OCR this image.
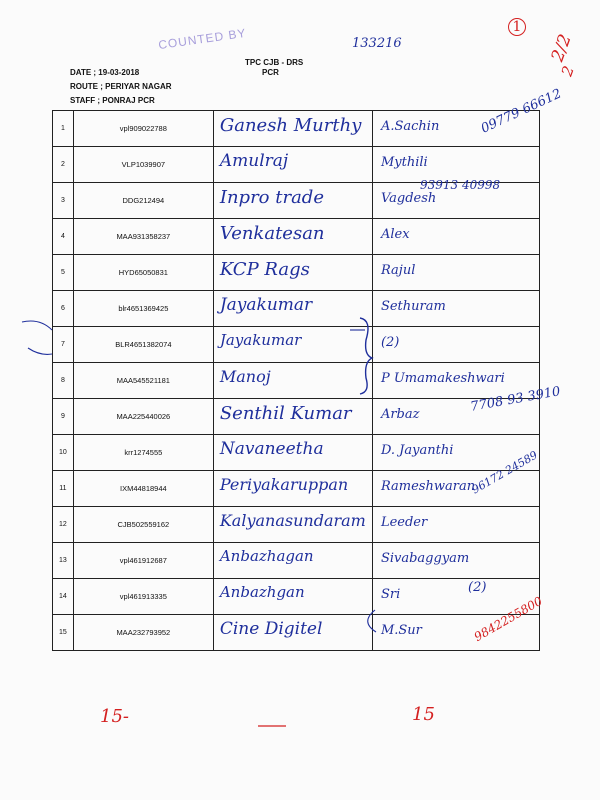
COUNTED BY	133216
TPC CJB - DRS
PCR
DATE ; 19-03-2018
ROUTE ; PERIYAR NAGAR
STAFF ; PONRAJ PCR
1
2/2
2
1	vpl909022788	Ganesh Murthy	A.Sachin

2	VLP1039907	Amulraj	Mythili

3	DDG212494	Inpro trade	Vagdesh

4	MAA931358237	Venkatesan	Alex

5	HYD65050831	KCP Rags	Rajul

6	blr4651369425	Jayakumar	Sethuram

7	BLR4651382074	Jayakumar	(2)

8	MAA545521181	Manoj	P Umamakeshwari

9	MAA225440026	Senthil Kumar	Arbaz

10	krr1274555	Navaneetha	D. Jayanthi

11	IXM44818944	Periyakaruppan	Rameshwaran

12	CJB502559162	Kalyanasundaram	Leeder

13	vpl461912687	Anbazhagan	Sivabaggyam

14	vpl461913335	Anbazhgan	Sri

15	MAA232793952	Cine Digitel	M.Sur
15-	15
09779 66612
93913 40998
7708 93 3910
96172 24589
(2)
9842255800
